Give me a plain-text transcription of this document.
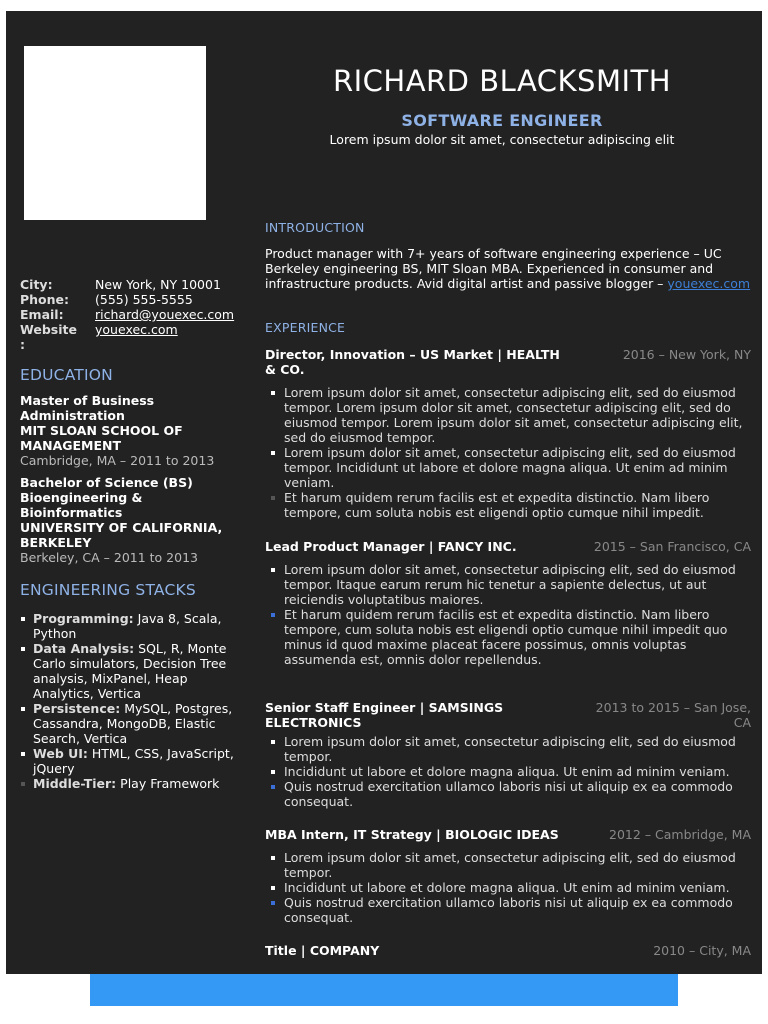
RICHARD BLACKSMITH
SOFTWARE ENGINEER
Lorem ipsum dolor sit amet, consectetur adipiscing elit
City:	New York, NY 10001
Phone:	(555) 555-5555
Email:	richard@youexec.com
Website	youexec.com
:
EDUCATION
Master of Business Administration
MIT SLOAN SCHOOL OF MANAGEMENT
Cambridge, MA – 2011 to 2013
Bachelor of Science (BS) Bioengineering & Bioinformatics
UNIVERSITY OF CALIFORNIA, BERKELEY
Berkeley, CA – 2011 to 2013
ENGINEERING STACKS
Programming: Java 8, Scala, Python
Data Analysis: SQL, R, Monte Carlo simulators, Decision Tree analysis, MixPanel, Heap Analytics, Vertica
Persistence: MySQL, Postgres, Cassandra, MongoDB, Elastic Search, Vertica
Web UI: HTML, CSS, JavaScript, jQuery
Middle-Tier: Play Framework
INTRODUCTION
Product manager with 7+ years of software engineering experience – UC Berkeley engineering BS, MIT Sloan MBA. Experienced in consumer and infrastructure products. Avid digital artist and passive blogger – youexec.com
EXPERIENCE
Director, Innovation – US Market | HEALTH & CO.
2016 – New York, NY
Lorem ipsum dolor sit amet, consectetur adipiscing elit, sed do eiusmod tempor. Lorem ipsum dolor sit amet, consectetur adipiscing elit, sed do eiusmod tempor. Lorem ipsum dolor sit amet, consectetur adipiscing elit, sed do eiusmod tempor.
Lorem ipsum dolor sit amet, consectetur adipiscing elit, sed do eiusmod tempor. Incididunt ut labore et dolore magna aliqua. Ut enim ad minim veniam.
Et harum quidem rerum facilis est et expedita distinctio. Nam libero tempore, cum soluta nobis est eligendi optio cumque nihil impedit.
Lead Product Manager | FANCY INC.	2015 – San Francisco, CA
Lorem ipsum dolor sit amet, consectetur adipiscing elit, sed do eiusmod tempor. Itaque earum rerum hic tenetur a sapiente delectus, ut aut reiciendis voluptatibus maiores.
Et harum quidem rerum facilis est et expedita distinctio. Nam libero tempore, cum soluta nobis est eligendi optio cumque nihil impedit quo minus id quod maxime placeat facere possimus, omnis voluptas assumenda est, omnis dolor repellendus.
Senior Staff Engineer | SAMSINGS ELECTRONICS
2013 to 2015 – San Jose, CA
Lorem ipsum dolor sit amet, consectetur adipiscing elit, sed do eiusmod tempor.
Incididunt ut labore et dolore magna aliqua. Ut enim ad minim veniam.
Quis nostrud exercitation ullamco laboris nisi ut aliquip ex ea commodo consequat.
MBA Intern, IT Strategy | BIOLOGIC IDEAS	2012 – Cambridge, MA
Lorem ipsum dolor sit amet, consectetur adipiscing elit, sed do eiusmod tempor.
Incididunt ut labore et dolore magna aliqua. Ut enim ad minim veniam.
Quis nostrud exercitation ullamco laboris nisi ut aliquip ex ea commodo consequat.
Title | COMPANY	2010 – City, MA
